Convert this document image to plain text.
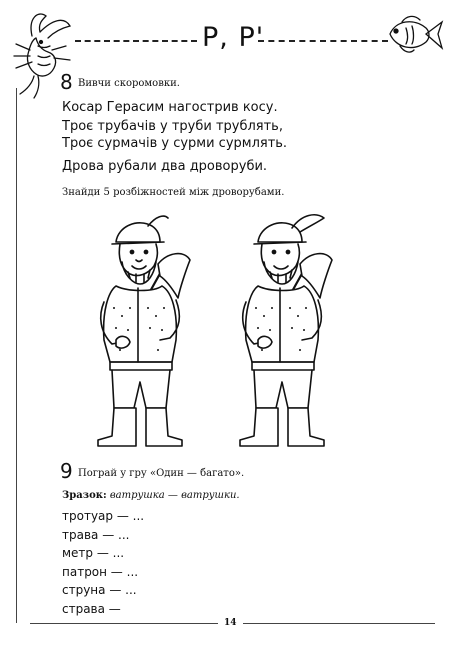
Р, Р'
8 Вивчи скоромовки.
Косар Герасим нагострив косу.
Троє трубачів у труби трублять,
Троє сурмачів у сурми сурмлять.
Дрова рубали два дроворуби.
Знайди 5 розбіжностей між дроворубами.
9 Пограй у гру «Один — багато».
Зразок: ватрушка — ватрушки.
тротуар — ...
трава — ...
метр — ...
патрон — ...
струна — ...
страва —
14
